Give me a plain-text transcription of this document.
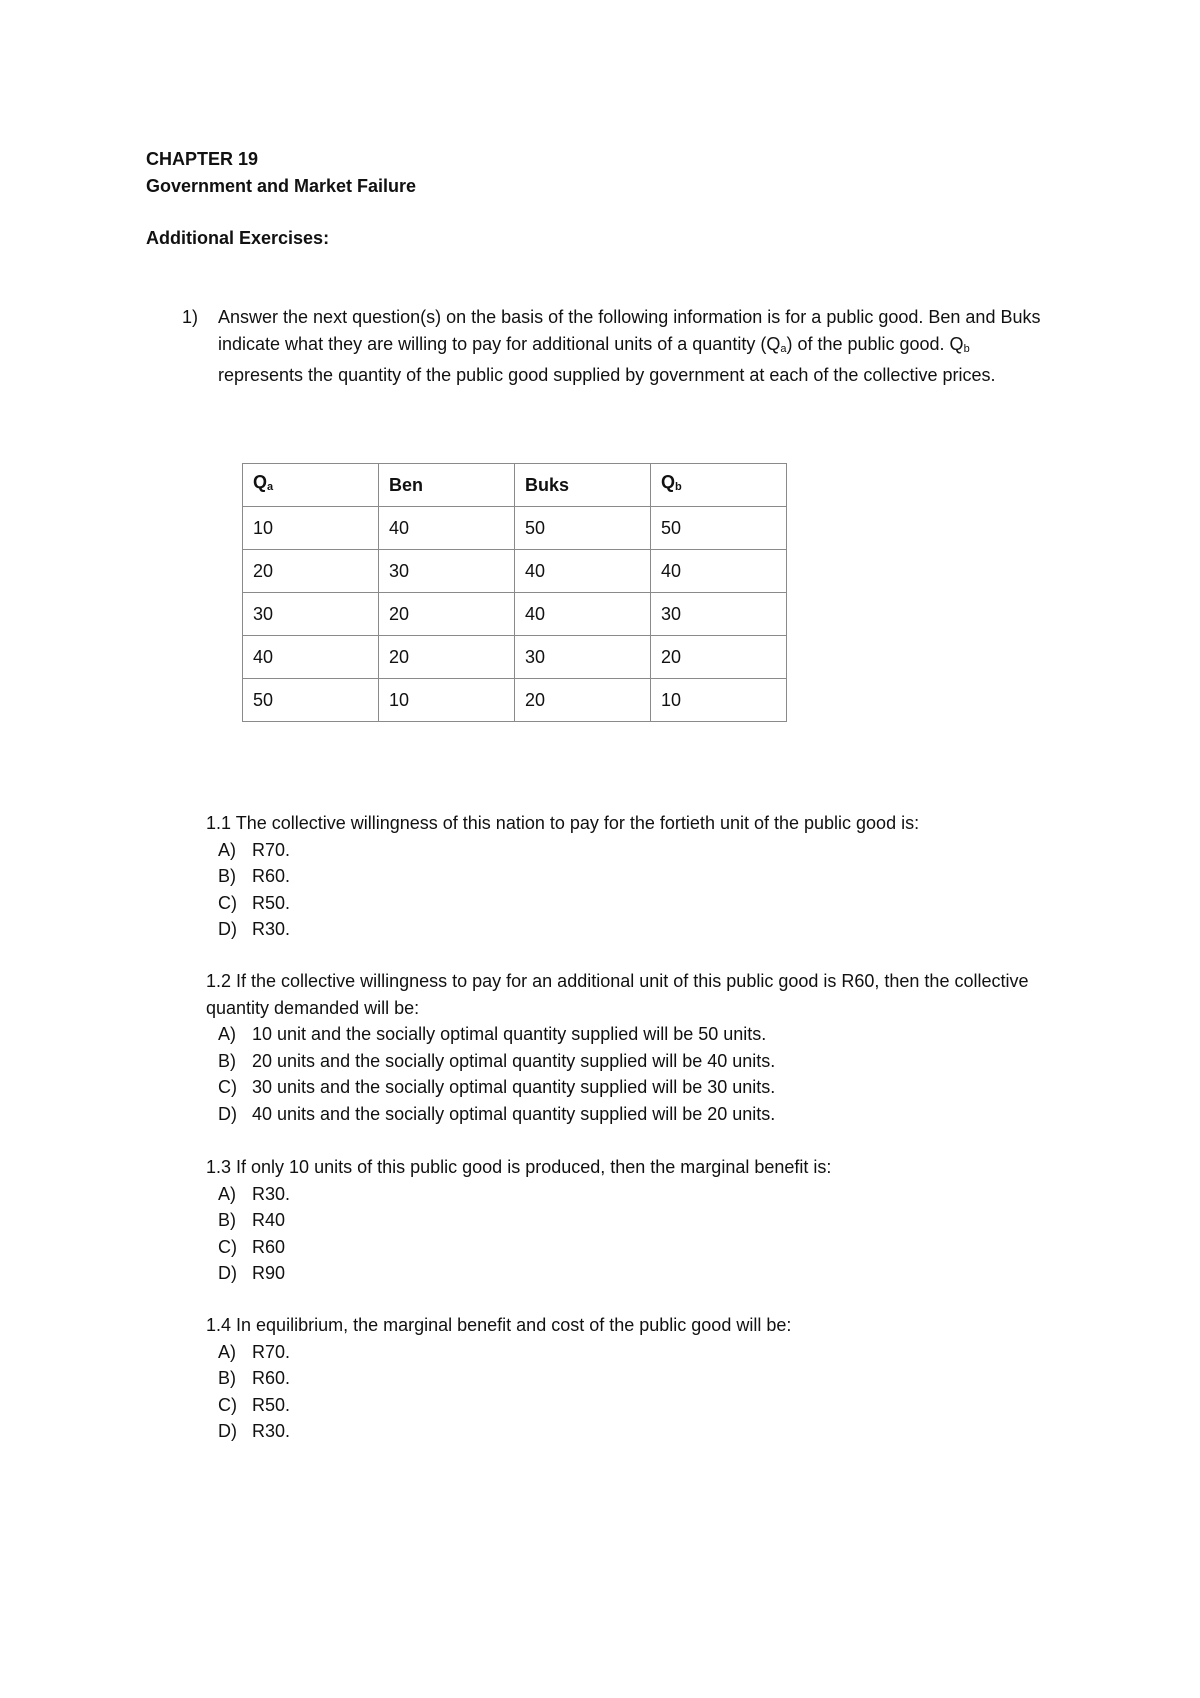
CHAPTER 19
Government and Market Failure
Additional Exercises:
1) Answer the next question(s) on the basis of the following information is for a public good. Ben and Buks indicate what they are willing to pay for additional units of a quantity $(Q_a)$ of the public good. $Q_b$ represents the quantity of the public good supplied by government at each of the collective prices.
$Q_a$	Ben	Buks	$Q_b$
10	40	50	50
20	30	40	40
30	20	40	30
40	20	30	20
50	10	20	10
1.1 The collective willingness of this nation to pay for the fortieth unit of the public good is:
A) R70.
B) R60.
C) R50.
D) R30.
1.2 If the collective willingness to pay for an additional unit of this public good is R60, then the collective quantity demanded will be:
A) 10 unit and the socially optimal quantity supplied will be 50 units.
B) 20 units and the socially optimal quantity supplied will be 40 units.
C) 30 units and the socially optimal quantity supplied will be 30 units.
D) 40 units and the socially optimal quantity supplied will be 20 units.
1.3 If only 10 units of this public good is produced, then the marginal benefit is:
A) R30.
B) R40
C) R60
D) R90
1.4 In equilibrium, the marginal benefit and cost of the public good will be:
A) R70.
B) R60.
C) R50.
D) R30.
